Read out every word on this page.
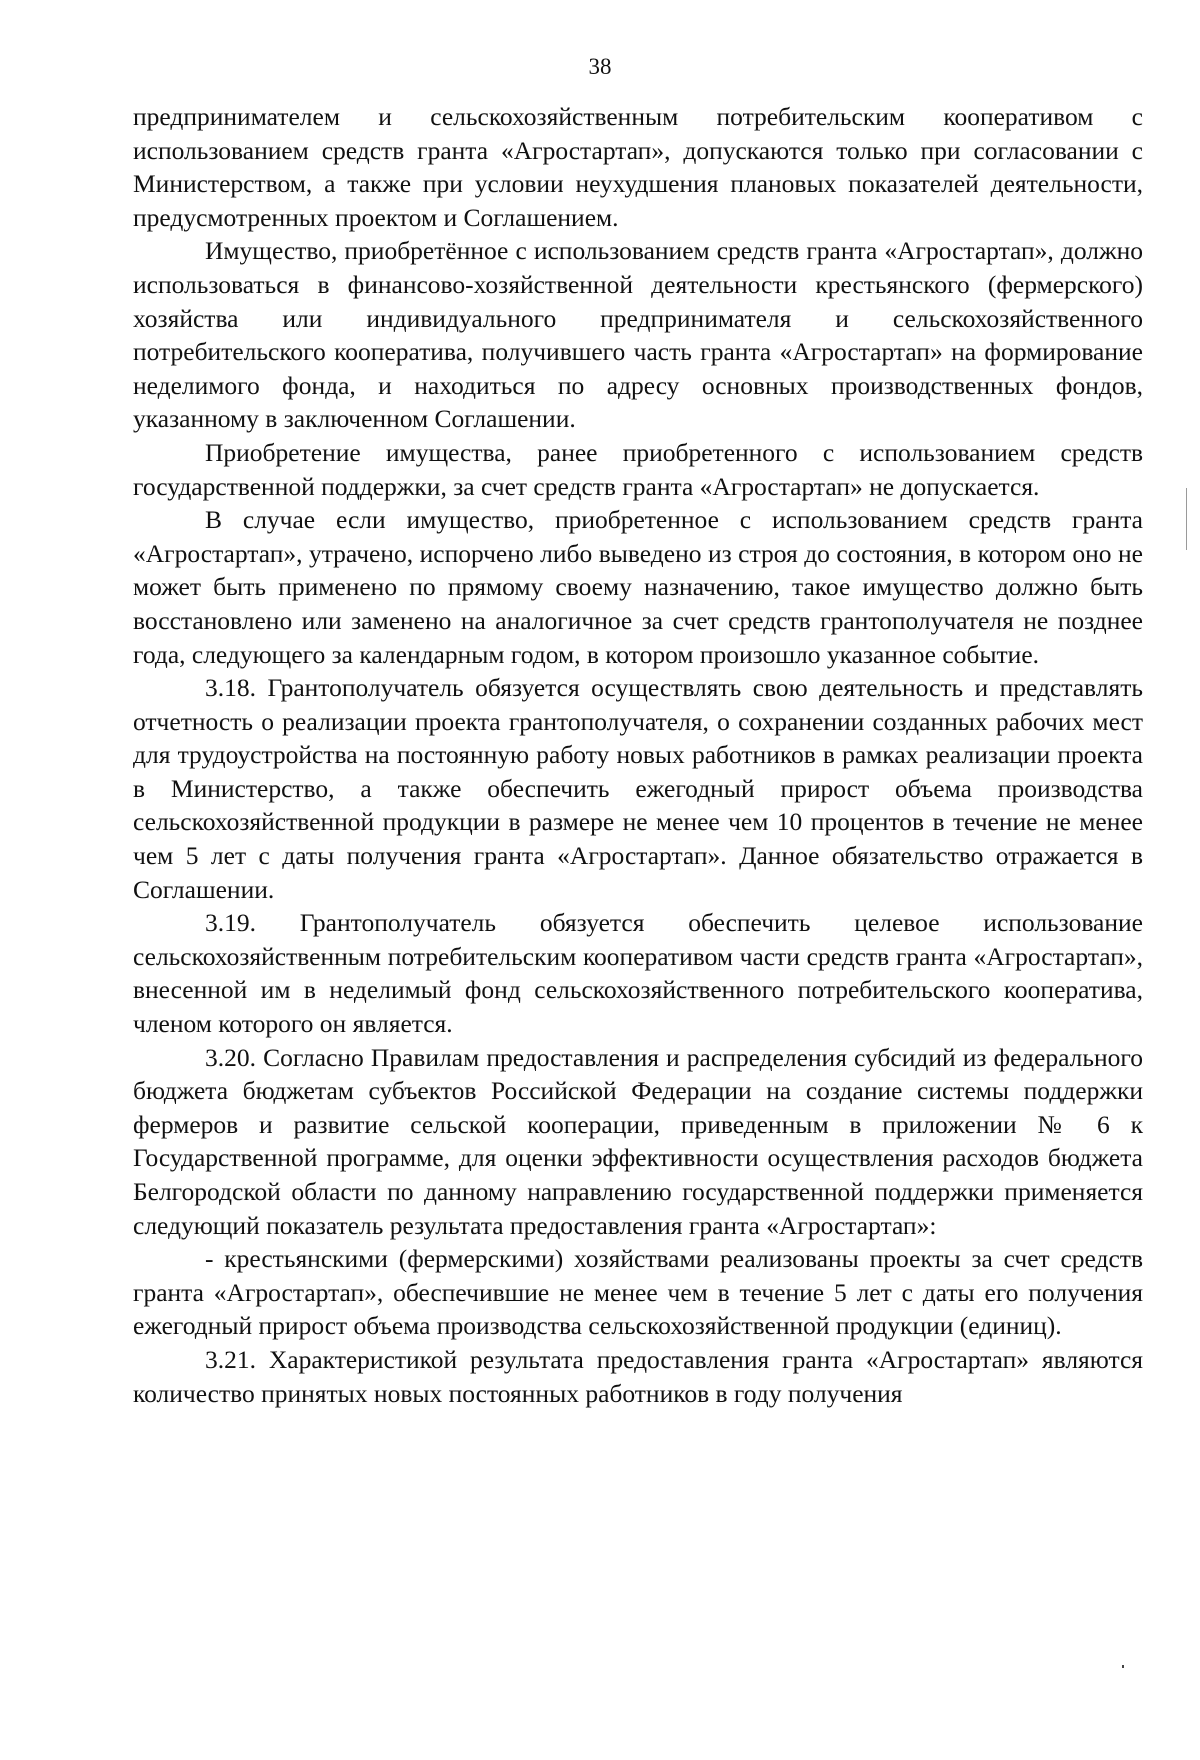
38

предпринимателем и сельскохозяйственным потребительским кооперативом с использованием средств гранта «Агростартап», допускаются только при согласовании с Министерством, а также при условии неухудшения плановых показателей деятельности, предусмотренных проектом и Соглашением.

Имущество, приобретённое с использованием средств гранта «Агростартап», должно использоваться в финансово-хозяйственной деятельности крестьянского (фермерского) хозяйства или индивидуального предпринимателя и сельскохозяйственного потребительского кооператива, получившего часть гранта «Агростартап» на формирование неделимого фонда, и находиться по адресу основных производственных фондов, указанному в заключенном Соглашении.

Приобретение имущества, ранее приобретенного с использованием средств государственной поддержки, за счет средств гранта «Агростартап» не допускается.

В случае если имущество, приобретенное с использованием средств гранта «Агростартап», утрачено, испорчено либо выведено из строя до состояния, в котором оно не может быть применено по прямому своему назначению, такое имущество должно быть восстановлено или заменено на аналогичное за счет средств грантополучателя не позднее года, следующего за календарным годом, в котором произошло указанное событие.

3.18. Грантополучатель обязуется осуществлять свою деятельность и представлять отчетность о реализации проекта грантополучателя, о сохранении созданных рабочих мест для трудоустройства на постоянную работу новых работников в рамках реализации проекта в Министерство, а также обеспечить ежегодный прирост объема производства сельскохозяйственной продукции в размере не менее чем 10 процентов в течение не менее чем 5 лет с даты получения гранта «Агростартап». Данное обязательство отражается в Соглашении.

3.19. Грантополучатель обязуется обеспечить целевое использование сельскохозяйственным потребительским кооперативом части средств гранта «Агростартап», внесенной им в неделимый фонд сельскохозяйственного потребительского кооператива, членом которого он является.

3.20. Согласно Правилам предоставления и распределения субсидий из федерального бюджета бюджетам субъектов Российской Федерации на создание системы поддержки фермеров и развитие сельской кооперации, приведенным в приложении № 6 к Государственной программе, для оценки эффективности осуществления расходов бюджета Белгородской области по данному направлению государственной поддержки применяется следующий показатель результата предоставления гранта «Агростартап»:

- крестьянскими (фермерскими) хозяйствами реализованы проекты за счет средств гранта «Агростартап», обеспечившие не менее чем в течение 5 лет с даты его получения ежегодный прирост объема производства сельскохозяйственной продукции (единиц).

3.21. Характеристикой результата предоставления гранта «Агростартап» являются количество принятых новых постоянных работников в году получения
